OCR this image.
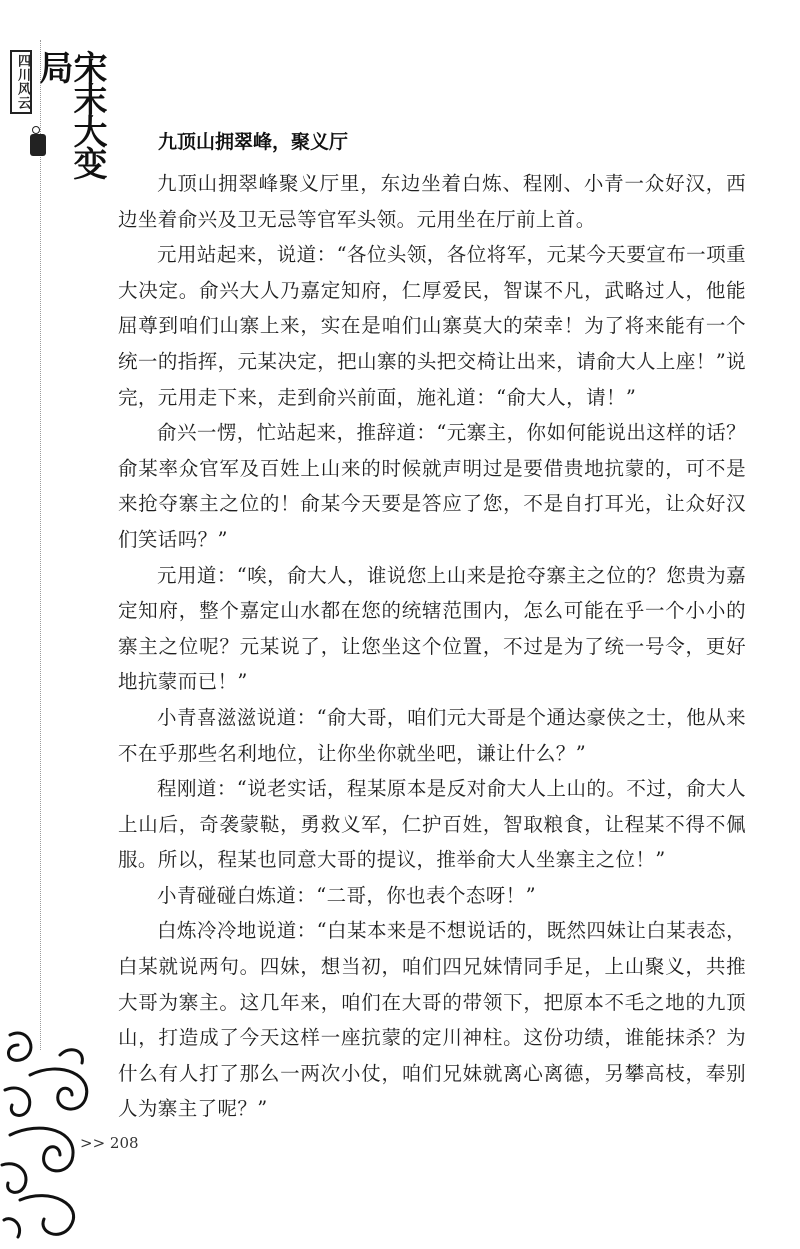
四川风云	宋末大变局
九顶山拥翠峰，聚义厅

九顶山拥翠峰聚义厅里，东边坐着白炼、程刚、小青一众好汉，西边坐着俞兴及卫无忌等官军头领。元用坐在厅前上首。

元用站起来，说道：“各位头领，各位将军，元某今天要宣布一项重大决定。俞兴大人乃嘉定知府，仁厚爱民，智谋不凡，武略过人，他能屈尊到咱们山寨上来，实在是咱们山寨莫大的荣幸！为了将来能有一个统一的指挥，元某决定，把山寨的头把交椅让出来，请俞大人上座！”说完，元用走下来，走到俞兴前面，施礼道：“俞大人，请！”

俞兴一愣，忙站起来，推辞道：“元寨主，你如何能说出这样的话？俞某率众官军及百姓上山来的时候就声明过是要借贵地抗蒙的，可不是来抢夺寨主之位的！俞某今天要是答应了您，不是自打耳光，让众好汉们笑话吗？”

元用道：“唉，俞大人，谁说您上山来是抢夺寨主之位的？您贵为嘉定知府，整个嘉定山水都在您的统辖范围内，怎么可能在乎一个小小的寨主之位呢？元某说了，让您坐这个位置，不过是为了统一号令，更好地抗蒙而已！”

小青喜滋滋说道：“俞大哥，咱们元大哥是个通达豪侠之士，他从来不在乎那些名利地位，让你坐你就坐吧，谦让什么？”

程刚道：“说老实话，程某原本是反对俞大人上山的。不过，俞大人上山后，奇袭蒙鞑，勇救义军，仁护百姓，智取粮食，让程某不得不佩服。所以，程某也同意大哥的提议，推举俞大人坐寨主之位！”

小青碰碰白炼道：“二哥，你也表个态呀！”

白炼冷冷地说道：“白某本来是不想说话的，既然四妹让白某表态，白某就说两句。四妹，想当初，咱们四兄妹情同手足，上山聚义，共推大哥为寨主。这几年来，咱们在大哥的带领下，把原本不毛之地的九顶山，打造成了今天这样一座抗蒙的定川神柱。这份功绩，谁能抹杀？为什么有人打了那么一两次小仗，咱们兄妹就离心离德，另攀高枝，奉别人为寨主了呢？”

>> 208
